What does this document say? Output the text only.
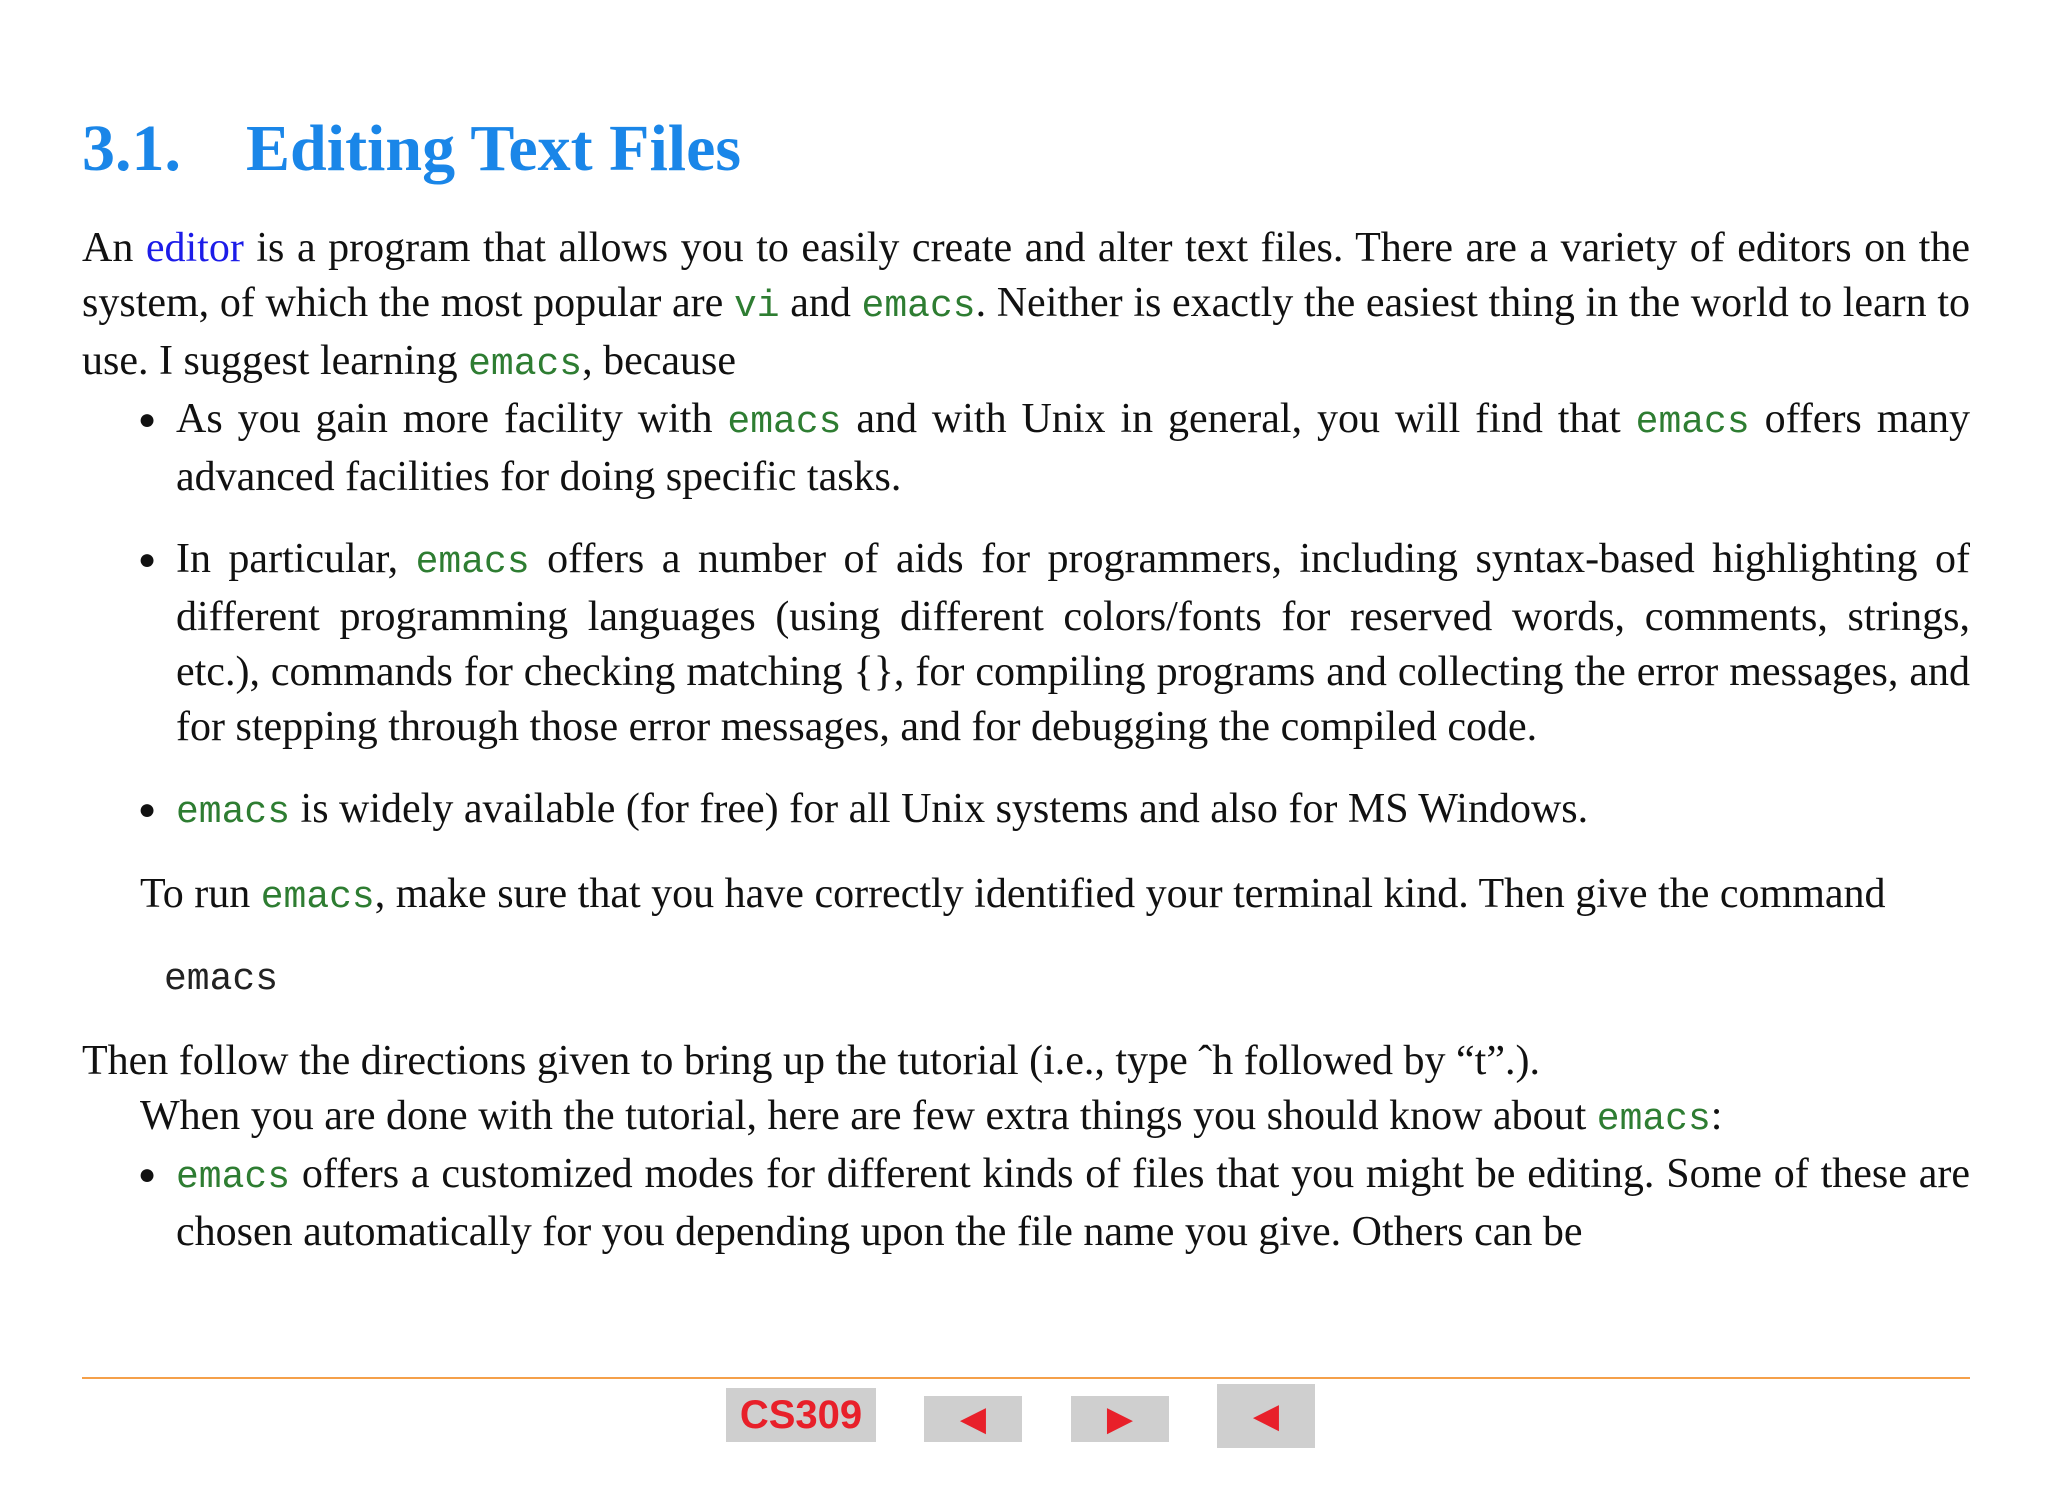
3.1. Editing Text Files

An editor is a program that allows you to easily create and alter text files. There are a variety of editors on the system, of which the most popular are vi and emacs. Neither is exactly the easiest thing in the world to learn to use. I suggest learning emacs, because

● As you gain more facility with emacs and with Unix in general, you will find that emacs offers many advanced facilities for doing specific tasks.
● In particular, emacs offers a number of aids for programmers, including syntax-based highlighting of different programming languages (using different colors/fonts for reserved words, comments, strings, etc.), commands for checking matching {}, for compiling programs and collecting the error messages, and for stepping through those error messages, and for debugging the compiled code.
● emacs is widely available (for free) for all Unix systems and also for MS Windows.

To run emacs, make sure that you have correctly identified your terminal kind. Then give the command

emacs

Then follow the directions given to bring up the tutorial (i.e., type ˆh followed by “t”.).

When you are done with the tutorial, here are few extra things you should know about emacs:

● emacs offers a customized modes for different kinds of files that you might be editing. Some of these are chosen automatically for you depending upon the file name you give. Others can be
CS309	◀	▶	◀
